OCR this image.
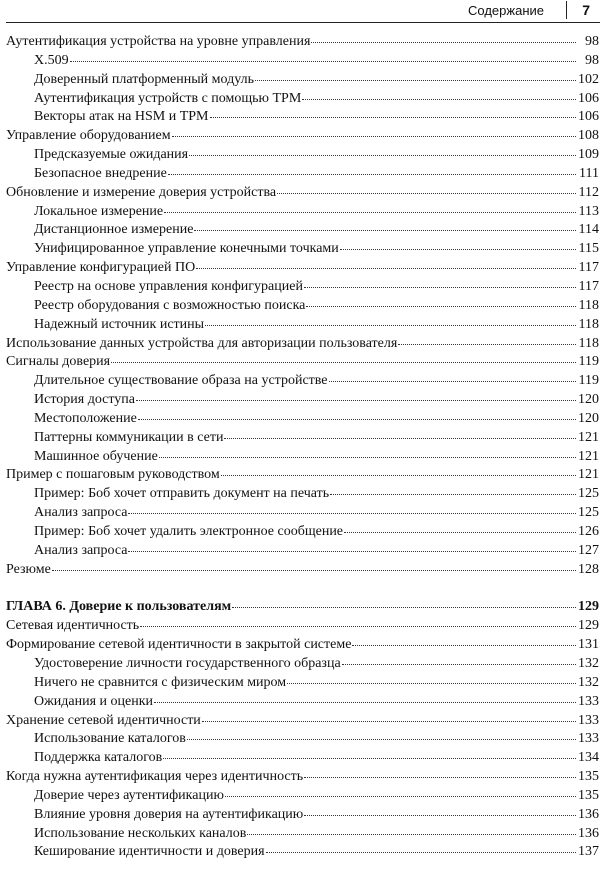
Содержание	7
Аутентификация устройства на уровне управления	98
X.509	98
Доверенный платформенный модуль	102
Аутентификация устройств с помощью TPM	106
Векторы атак на HSM и TPM	106
Управление оборудованием	108
Предсказуемые ожидания	109
Безопасное внедрение	111
Обновление и измерение доверия устройства	112
Локальное измерение	113
Дистанционное измерение	114
Унифицированное управление конечными точками	115
Управление конфигурацией ПО	117
Реестр на основе управления конфигурацией	117
Реестр оборудования с возможностью поиска	118
Надежный источник истины	118
Использование данных устройства для авторизации пользователя	118
Сигналы доверия	119
Длительное существование образа на устройстве	119
История доступа	120
Местоположение	120
Паттерны коммуникации в сети	121
Машинное обучение	121
Пример с пошаговым руководством	121
Пример: Боб хочет отправить документ на печать	125
Анализ запроса	125
Пример: Боб хочет удалить электронное сообщение	126
Анализ запроса	127
Резюме	128
ГЛАВА 6. Доверие к пользователям	129
Сетевая идентичность	129
Формирование сетевой идентичности в закрытой системе	131
Удостоверение личности государственного образца	132
Ничего не сравнится с физическим миром	132
Ожидания и оценки	133
Хранение сетевой идентичности	133
Использование каталогов	133
Поддержка каталогов	134
Когда нужна аутентификация через идентичность	135
Доверие через аутентификацию	135
Влияние уровня доверия на аутентификацию	136
Использование нескольких каналов	136
Кеширование идентичности и доверия	137
